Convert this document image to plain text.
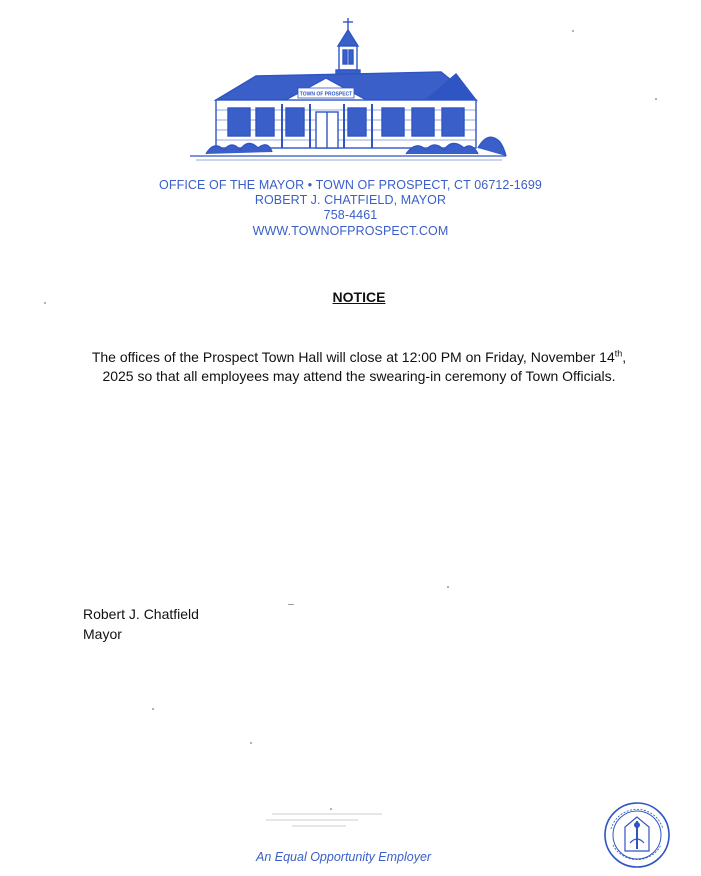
TOWN OF PROSPECT
OFFICE OF THE MAYOR • TOWN OF PROSPECT, CT 06712-1699
ROBERT J. CHATFIELD, MAYOR
758-4461
WWW.TOWNOFPROSPECT.COM
NOTICE
The offices of the Prospect Town Hall will close at 12:00 PM on Friday, November 14th, 2025 so that all employees may attend the swearing-in ceremony of Town Officials.
Robert J. Chatfield
Mayor
An Equal Opportunity Employer
